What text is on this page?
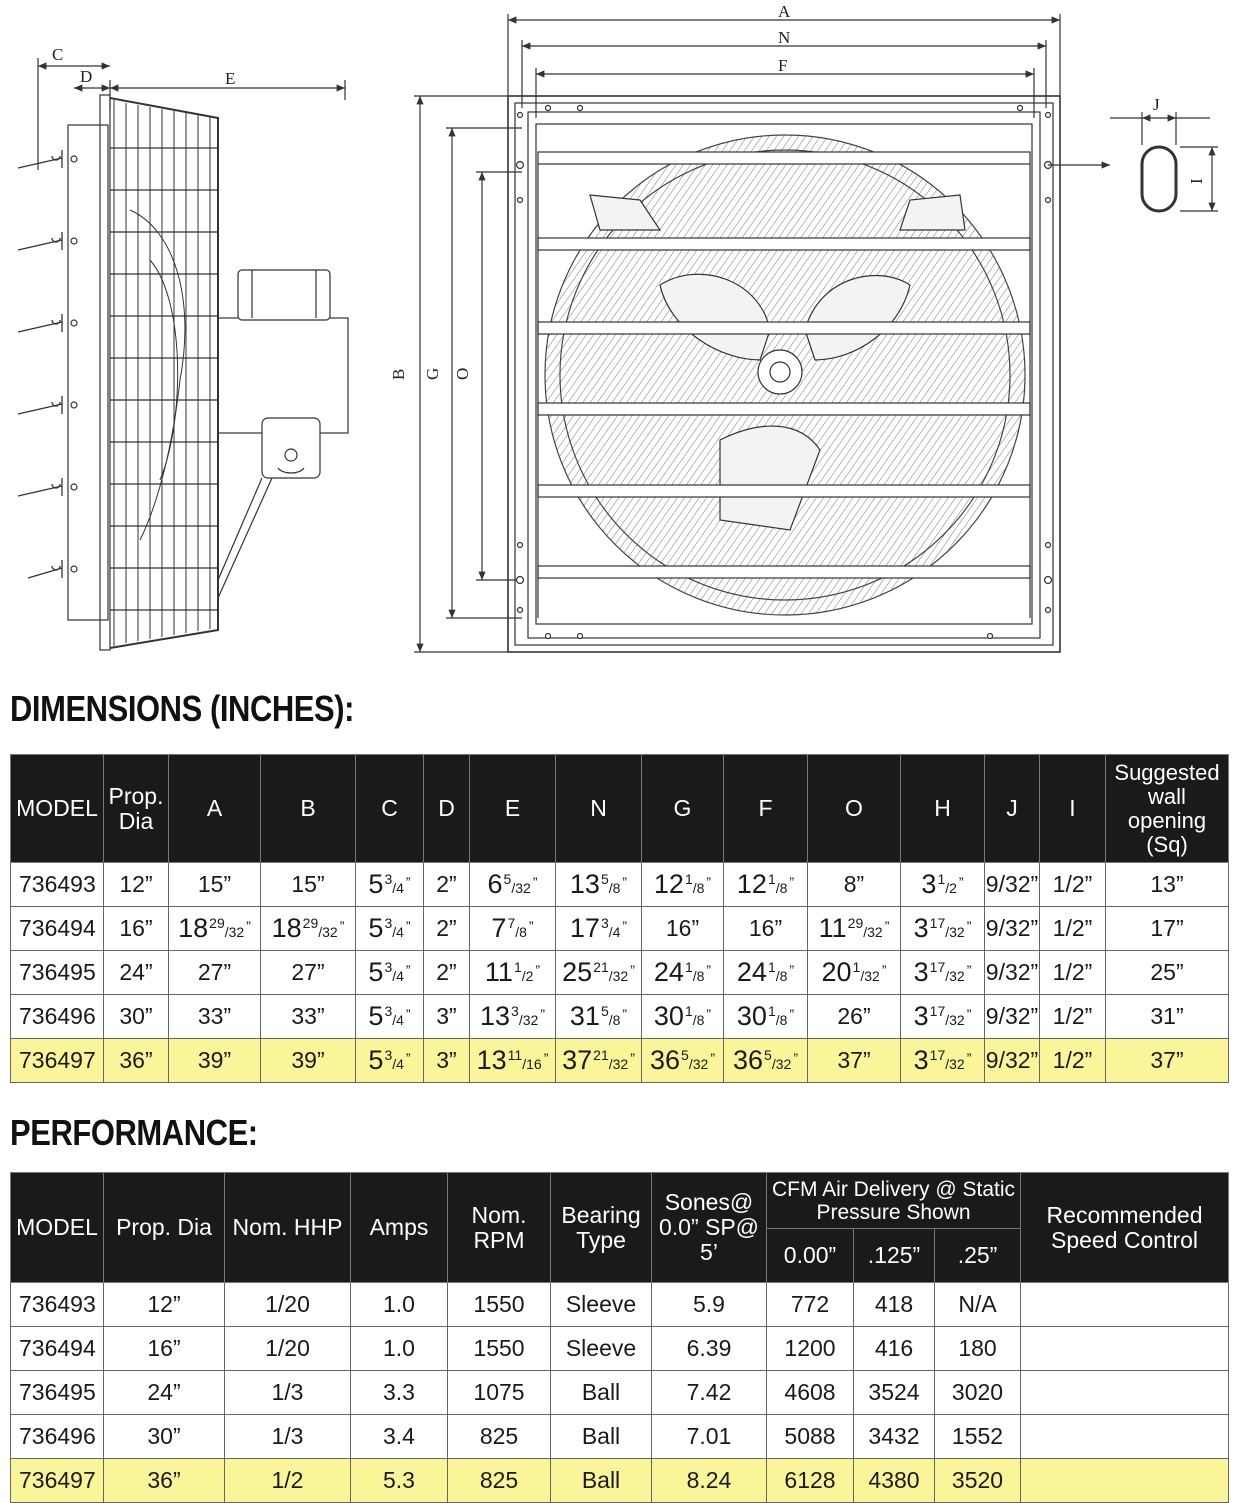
C
D	E
A
N
F
B G O
J
I
DIMENSIONS (INCHES):
MODEL	Prop. Dia	A	B	C	D	E	N	G	F	O	H	J	I	Suggested wall opening (Sq)
736493	12”	15”	15”	$5^3/4$ ”	2”	$6^5/32$ ”	$13^5/8$ ”	$12^1/8$ ”	$12^1/8$ ”	8”	$3^1/2$ ”	9/32”	1/2”	13”
736494	16”	$18^{29}/32$ ”	$18^{29}/32$ ”	$5^3/4$ ”	2”	$7^7/8$ ”	$17^3/4$ ”	16”	16”	$11^{29}/32$ ”	$3^{17}/32$ ”	9/32”	1/2”	17”
736495	24”	27”	27”	$5^3/4$ ”	2”	$11^1/2$ ”	$25^{21}/32$ ”	$24^1/8$ ”	$24^1/8$ ”	$20^1/32$ ”	$3^{17}/32$ ”	9/32”	1/2”	25”
736496	30”	33”	33”	$5^3/4$ ”	3”	$13^3/32$ ”	$31^5/8$ ”	$30^1/8$ ”	$30^1/8$ ”	26”	$3^{17}/32$ ”	9/32”	1/2”	31”
736497	36”	39”	39”	$5^3/4$ ”	3”	$13^{11}/16$ ”	$37^{21}/32$ ”	$36^5/32$ ”	$36^5/32$ ”	37”	$3^{17}/32$ ”	9/32”	1/2”	37”
PERFORMANCE:
MODEL	Prop. Dia	Nom. HHP	Amps	Nom. RPM	Bearing Type	Sones@ 0.0” SP@ 5’	CFM Air Delivery @ Static Pressure Shown			Recommended Speed Control
							0.00”	.125”	.25”	
736493	12”	1/20	1.0	1550	Sleeve	5.9	772	418	N/A	
736494	16”	1/20	1.0	1550	Sleeve	6.39	1200	416	180	
736495	24”	1/3	3.3	1075	Ball	7.42	4608	3524	3020	
736496	30”	1/3	3.4	825	Ball	7.01	5088	3432	1552	
736497	36”	1/2	5.3	825	Ball	8.24	6128	4380	3520	
